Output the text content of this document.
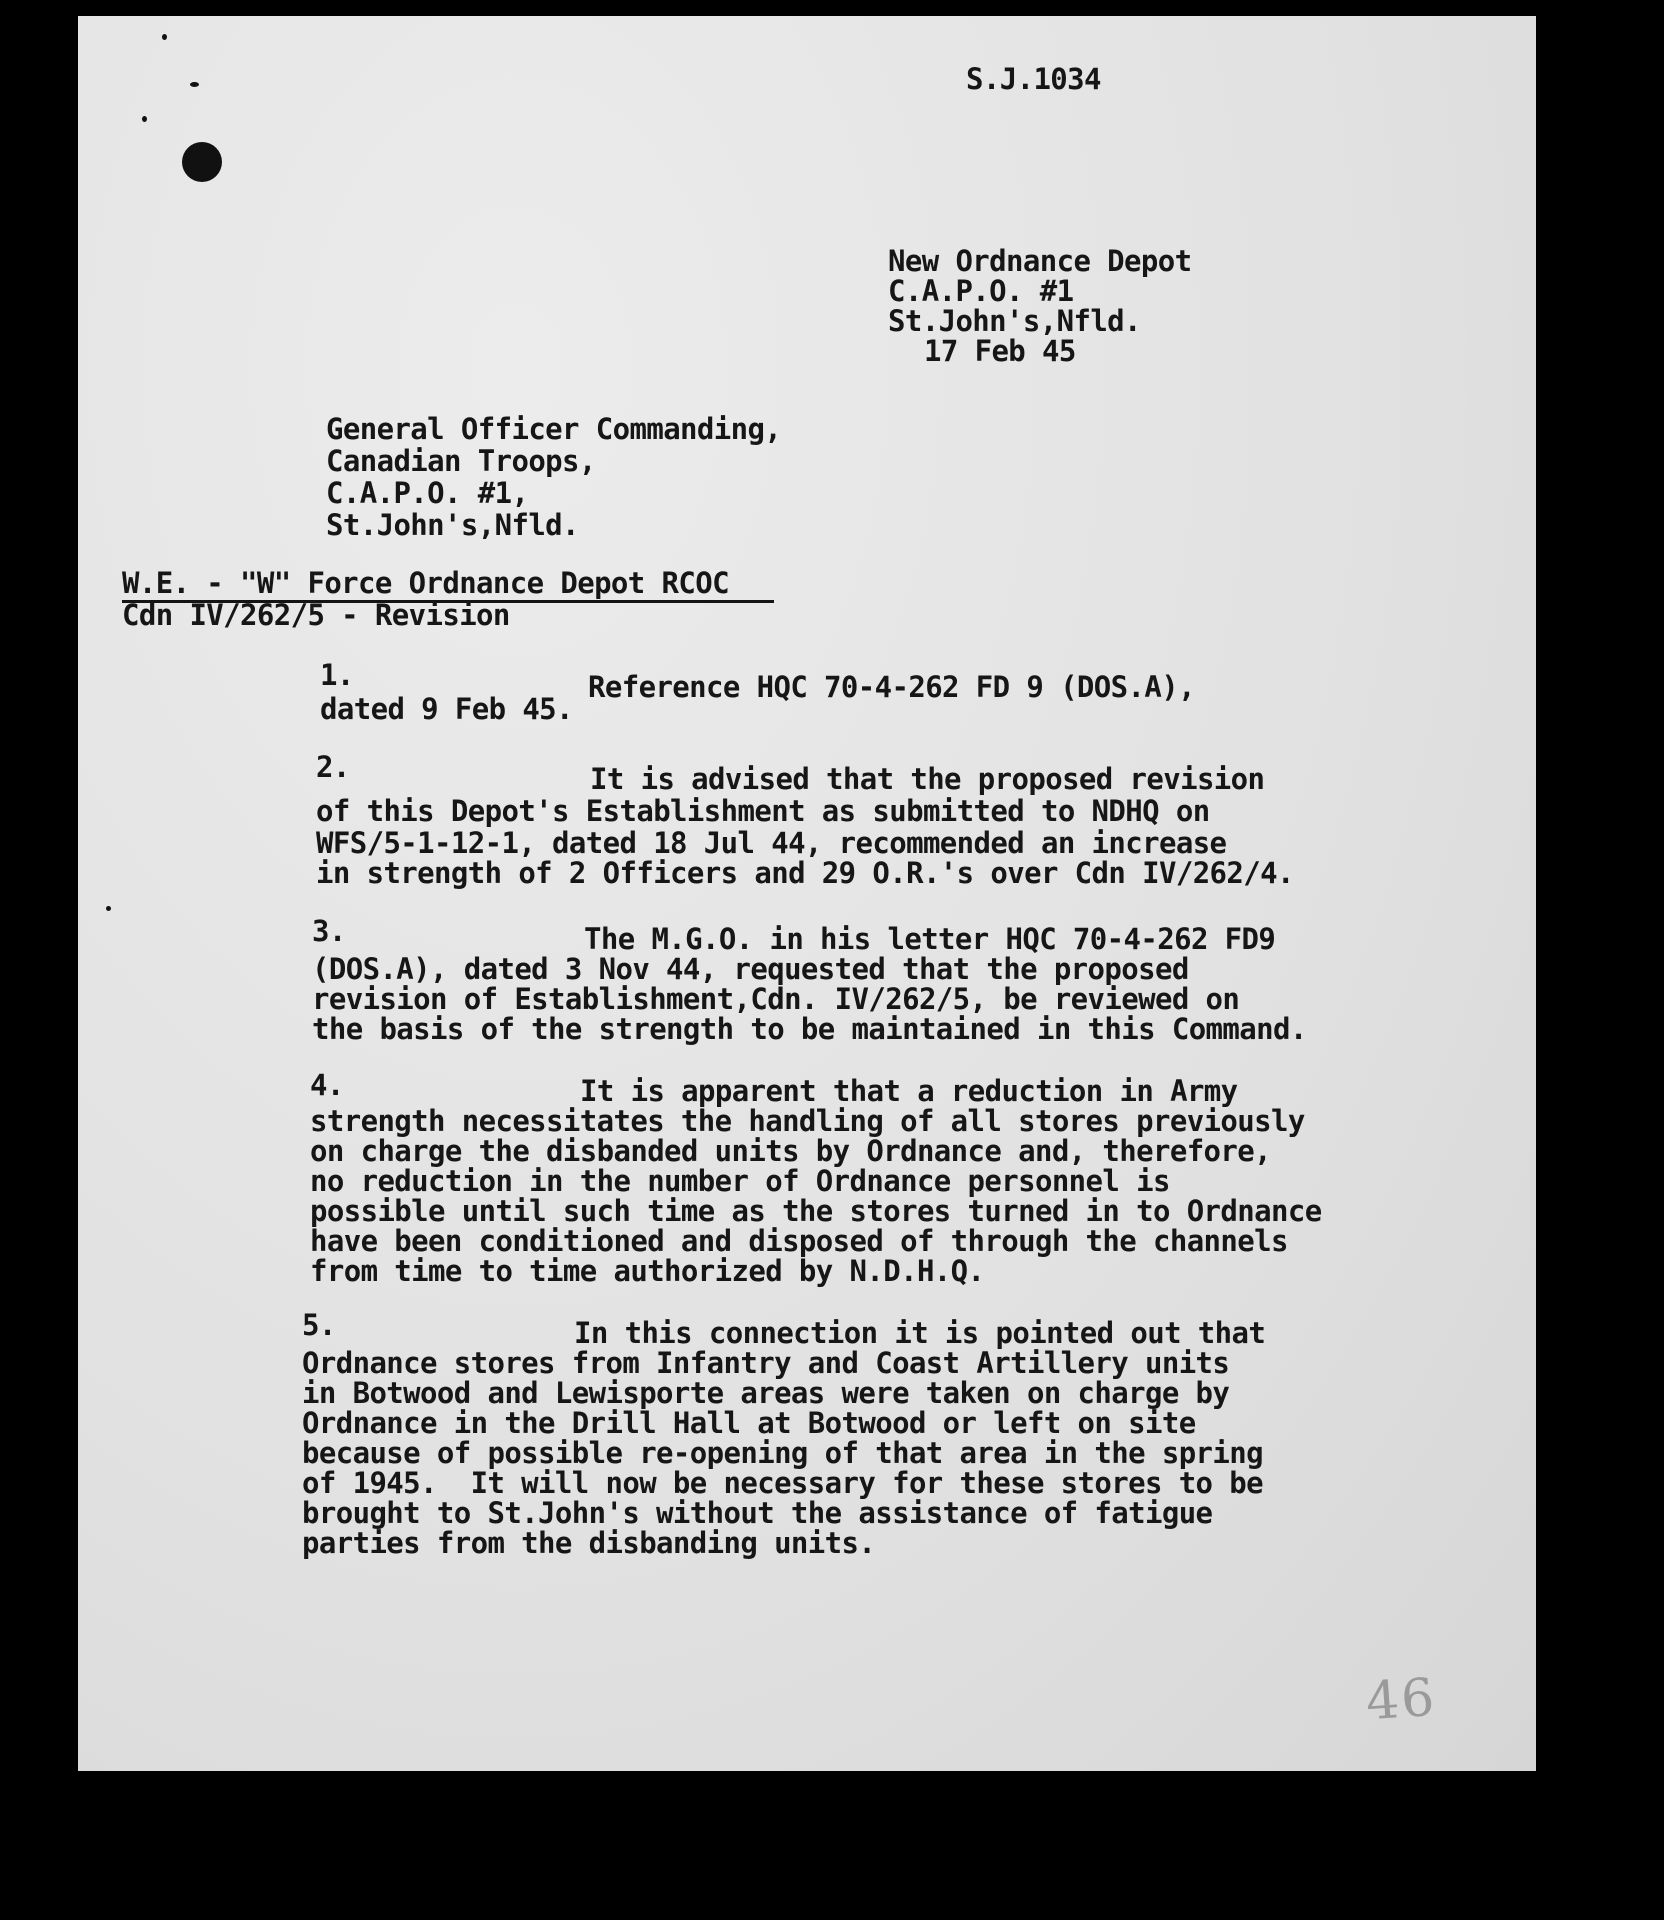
S.J.1034
New Ordnance Depot
C.A.P.O. #1
St.John's,Nfld.
17 Feb 45
General Officer Commanding,
Canadian Troops,
C.A.P.O. #1,
St.John's,Nfld.
W.E. - "W" Force Ordnance Depot RCOC
Cdn IV/262/5 - Revision
1.	Reference HQC 70-4-262 FD 9 (DOS.A),
dated 9 Feb 45.
2.	It is advised that the proposed revision
of this Depot's Establishment as submitted to NDHQ on
WFS/5-1-12-1, dated 18 Jul 44, recommended an increase
in strength of 2 Officers and 29 O.R.'s over Cdn IV/262/4.
3.	The M.G.O. in his letter HQC 70-4-262 FD9
(DOS.A), dated 3 Nov 44, requested that the proposed
revision of Establishment,Cdn. IV/262/5, be reviewed on
the basis of the strength to be maintained in this Command.
4.	It is apparent that a reduction in Army
strength necessitates the handling of all stores previously
on charge the disbanded units by Ordnance and, therefore,
no reduction in the number of Ordnance personnel is
possible until such time as the stores turned in to Ordnance
have been conditioned and disposed of through the channels
from time to time authorized by N.D.H.Q.
5.	In this connection it is pointed out that
Ordnance stores from Infantry and Coast Artillery units
in Botwood and Lewisporte areas were taken on charge by
Ordnance in the Drill Hall at Botwood or left on site
because of possible re-opening of that area in the spring
of 1945.  It will now be necessary for these stores to be
brought to St.John's without the assistance of fatigue
parties from the disbanding units.
46
